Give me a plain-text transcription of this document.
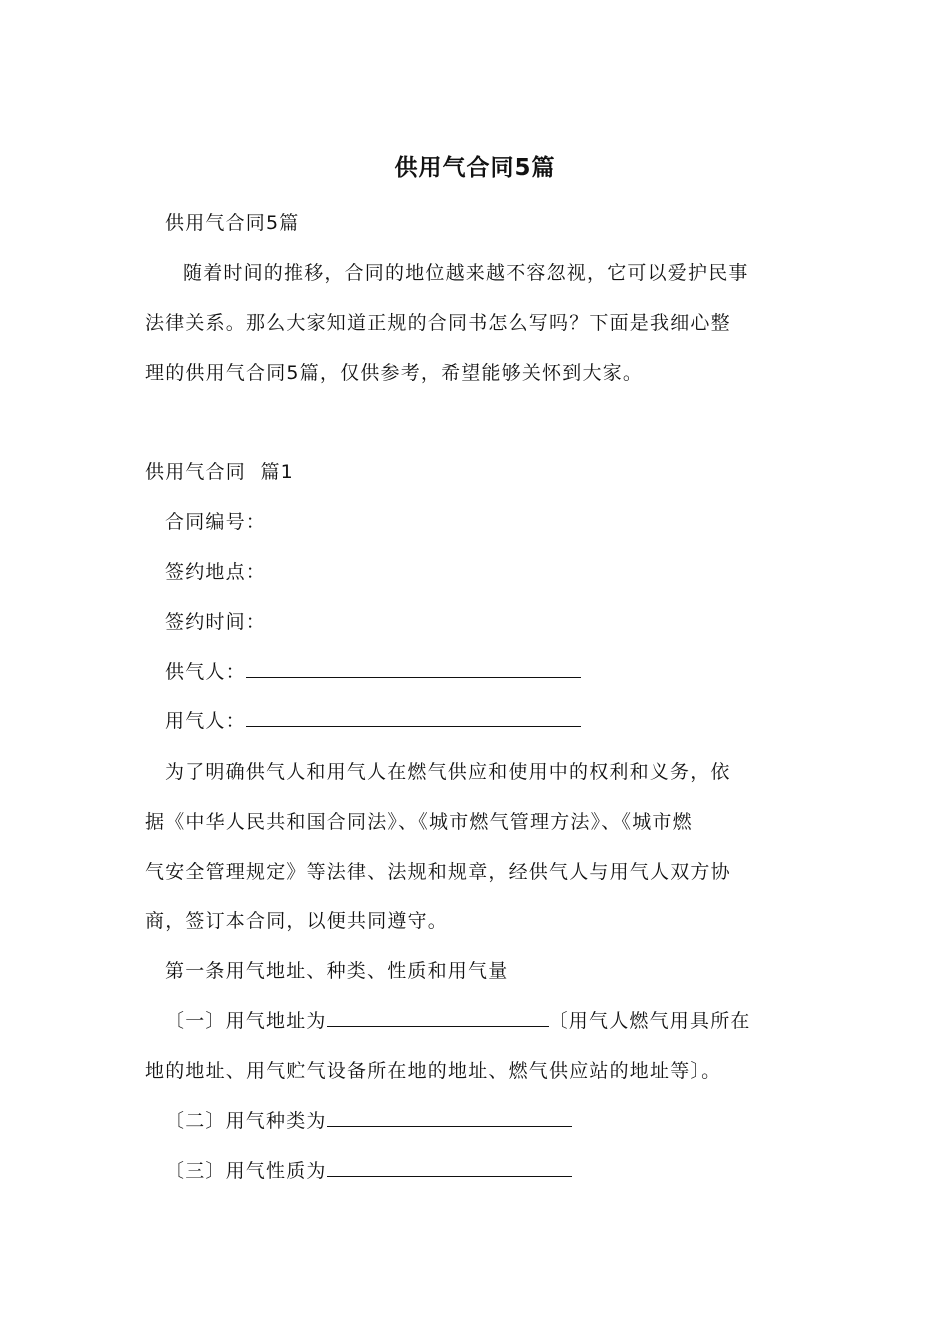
供用气合同5篇
供用气合同5篇
随着时间的推移，合同的地位越来越不容忽视，它可以爱护民事
法律关系。那么大家知道正规的合同书怎么写吗？下面是我细心整
理的供用气合同5篇，仅供参考，希望能够关怀到大家。
供用气合同  篇1
合同编号：
签约地点：
签约时间：
供气人：
用气人：
为了明确供气人和用气人在燃气供应和使用中的权利和义务，依
据《中华人民共和国合同法》、《城市燃气管理方法》、《城市燃
气安全管理规定》等法律、法规和规章，经供气人与用气人双方协
商，签订本合同，以便共同遵守。
第一条用气地址、种类、性质和用气量
〔一〕用气地址为	〔用气人燃气用具所在
地的地址、用气贮气设备所在地的地址、燃气供应站的地址等〕。
〔二〕用气种类为
〔三〕用气性质为
